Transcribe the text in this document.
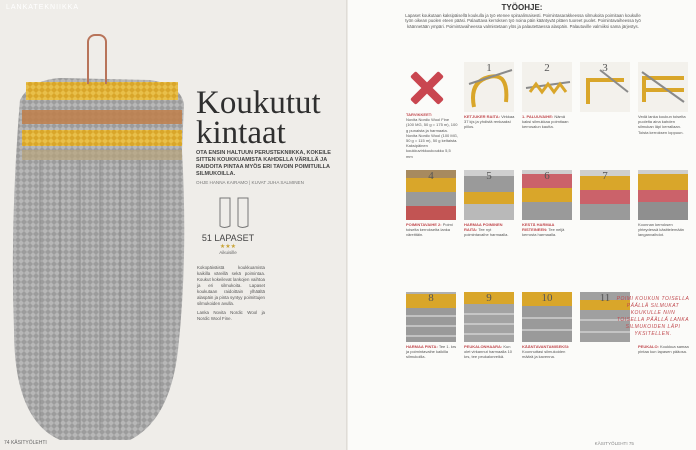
LANKATEKNIIKKA
Koukutut
kintaat
OTA ENSIN HALTUUN PERUSTEKNIIKKA, KOKEILE SITTEN KOUKKUAMISTA KAHDELLA VÄRILLÄ JA RAIDOITA PINTAA MYÖS ERI TAVOIN POIMITUILLA SILMUKOILLA.
OHJE HANNA KAIRAMO | KUVAT JUHA SALMINEN
51 LAPASET
★★★
Aikuisille
Kokopäiväistä koukkuamista kaikilla väreillä sekä poimintaa. Koukut kokeilevat lankojen vaihtoa ja eri silmukoita. Lapaset koukutaan raidoittain ylhäältä alaspäin ja pinta syntyy poimittujen silmukoiden avulla.
Lanka Novita Nordic Wool ja Nordic Wool Fine.
74 KÄSITYÖLEHTI
TYÖOHJE:
Lapaset koukutaan kaksipäisellä koukulla ja työ etenee spiraalimaisesti. Poimintasarakkeessa silmukoita poimitaan koukulle työn oikean puolen eteen pääsi. Palauttava kerroksen työ noina päin kääntyvät pitäen tuoreet puolet. Poimintavaiheessa työ käännetään ympäri. Poimintavaiheessa valmistetaan ylös ja palautettaessa alaspäin. Palautuville valmiiksi sama järjestys.
TARVIKKEET:
Novita Nordic Wool Fine (100 MG, 50 g = 175 m), 100 g punaista ja harmaata. Novita Nordic Wool (100 MG, 50 g = 115 m), 50 g keltaista. Kaksipäinen koukkuvirkkuukoukku 5,5 mm
1
KETJUKER RAITA: Virkkaa 37 kjs ja yhdistä renkaaksi piilos.
2
1. PALUUVAIHE: Nämä kaksi silmukkaa poimitaan kerrosalun kautta.
3
Vedä lanka koukun toiselta puolelta aina kahden silmukan läpi kerrallaan. Toista kerroksen loppuun.
4
POIMINTAVAIHE 2: Poimi toiselta kerrokselta lanka väreittäin.
5
HARMAA POIMINEN RAITA: Tee nyt poimintavaihe harmaalla.
6
KESTÄ HARMAA RISTEINEEN: Tee neljä kerrosta harmaalla.
7
Koonnan kerroksen yhteydessä käsittelemään langanvaihdot.
8
HARMAA PINTA: Tee 1. krs ja poimintavaihe kaikilla silmukoilla.
9
PEUKALONHAARA: Kun olet virkannut harmaalla 10 krs, tee peukalonreikä.
10
KÄÄNTAVANTAMISEKSI: Koonnuttasi silmukoiden määrä ja kavenna.
11
PEUKALO: Koukkua samaa pintaa kun lapasen pääosa.
POIMI KOUKUN TOISELLA PÄÄLLÄ SILMUKAT KOUKULLE NIIN TOISELLA PÄÄLLÄ LANKA SILMUKOIDEN LÄPI YKSITELLEN.
KÄSITYÖLEHTI 75
